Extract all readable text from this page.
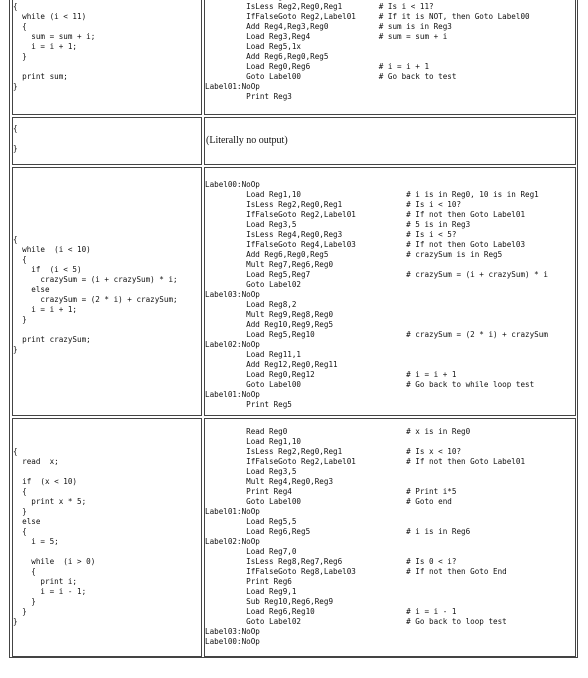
{
while (i < 11)
{
sum = sum + i;
i = i + 1;
}

print sum;
}

IsLess Reg2,Reg0,Reg1        # Is i < 11?
IfFalseGoto Reg2,Label01     # If it is NOT, then Goto Label00
Add Reg4,Reg3,Reg0           # sum is in Reg3
Load Reg3,Reg4               # sum = sum + i
Load Reg5,1x
Add Reg6,Reg0,Reg5
Load Reg0,Reg6               # i = i + 1
Goto Label00                 # Go back to test
Label01:NoOp
Print Reg3
{

}
(Literally no output)
{
while  (i < 10)
{
if  (i < 5)
crazySum = (i + crazySum) * i;
else
crazySum = (2 * i) + crazySum;
i = i + 1;
}

print crazySum;
}
Label00:NoOp
Load Reg1,10                       # i is in Reg0, 10 is in Reg1
IsLess Reg2,Reg0,Reg1              # Is i < 10?
IfFalseGoto Reg2,Label01           # If not then Goto Label01
Load Reg3,5                        # 5 is in Reg3
IsLess Reg4,Reg0,Reg3              # Is i < 5?
IfFalseGoto Reg4,Label03           # If not then Goto Label03
Add Reg6,Reg0,Reg5                 # crazySum is in Reg5
Mult Reg7,Reg6,Reg0
Load Reg5,Reg7                     # crazySum = (i + crazySum) * i
Goto Label02
Label03:NoOp
Load Reg8,2
Mult Reg9,Reg8,Reg0
Add Reg10,Reg9,Reg5
Load Reg5,Reg10                    # crazySum = (2 * i) + crazySum
Label02:NoOp
Load Reg11,1
Add Reg12,Reg0,Reg11
Load Reg0,Reg12                    # i = i + 1
Goto Label00                       # Go back to while loop test
Label01:NoOp
Print Reg5
{
read  x;

if  (x < 10)
{
print x * 5;
}
else
{
i = 5;

while  (i > 0)
{
print i;
i = i - 1;
}
}
}
Read Reg0                          # x is in Reg0
Load Reg1,10
IsLess Reg2,Reg0,Reg1              # Is x < 10?
IfFalseGoto Reg2,Label01           # If not then Goto Label01
Load Reg3,5
Mult Reg4,Reg0,Reg3
Print Reg4                         # Print i*5
Goto Label00                       # Goto end
Label01:NoOp
Load Reg5,5
Load Reg6,Reg5                     # i is in Reg6
Label02:NoOp
Load Reg7,0
IsLess Reg8,Reg7,Reg6              # Is 0 < i?
IfFalseGoto Reg8,Label03           # If not then Goto End
Print Reg6
Load Reg9,1
Sub Reg10,Reg6,Reg9
Load Reg6,Reg10                    # i = i - 1
Goto Label02                       # Go back to loop test
Label03:NoOp
Label00:NoOp
